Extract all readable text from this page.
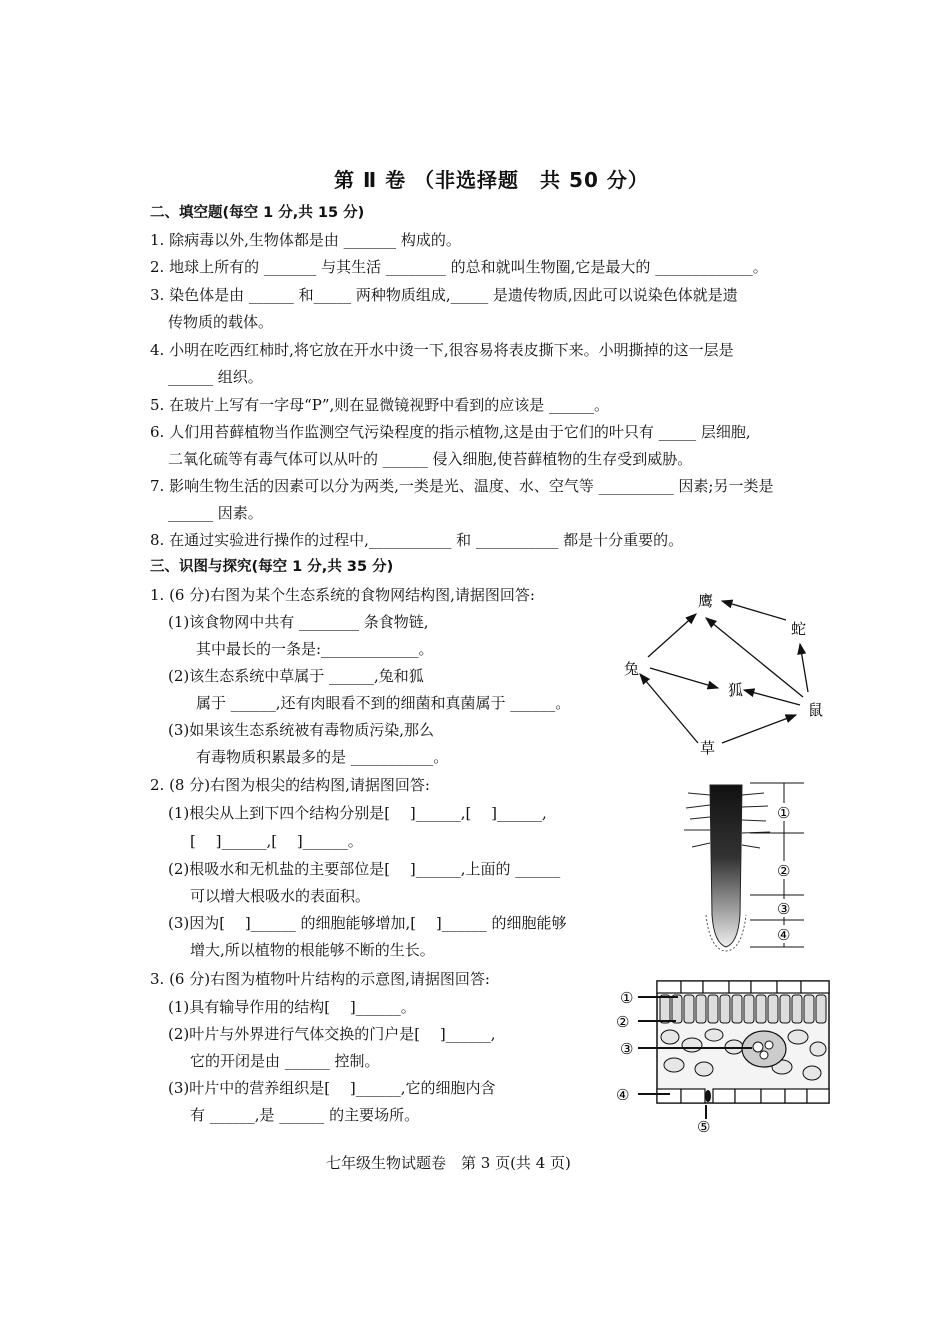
第 Ⅱ 卷 （非选择题　共 50 分）
二、填空题(每空 1 分,共 15 分)
1. 除病毒以外,生物体都是由 _______ 构成的。
2. 地球上所有的 _______ 与其生活 ________ 的总和就叫生物圈,它是最大的 _____________。
3. 染色体是由 ______ 和_____ 两种物质组成,_____ 是遗传物质,因此可以说染色体就是遗
传物质的载体。
4. 小明在吃西红柿时,将它放在开水中烫一下,很容易将表皮撕下来。小明撕掉的这一层是
______ 组织。
5. 在玻片上写有一字母“P”,则在显微镜视野中看到的应该是 ______。
6. 人们用苔藓植物当作监测空气污染程度的指示植物,这是由于它们的叶只有 _____ 层细胞,
二氧化硫等有毒气体可以从叶的 ______ 侵入细胞,使苔藓植物的生存受到威胁。
7. 影响生物生活的因素可以分为两类,一类是光、温度、水、空气等 __________ 因素;另一类是
______ 因素。
8. 在通过实验进行操作的过程中,___________ 和 ___________ 都是十分重要的。
三、识图与探究(每空 1 分,共 35 分)
1. (6 分)右图为某个生态系统的食物网结构图,请据图回答:
(1)该食物网中共有 ________ 条食物链,
其中最长的一条是:_____________。
(2)该生态系统中草属于 ______,兔和狐
属于 ______,还有肉眼看不到的细菌和真菌属于 ______。
(3)如果该生态系统被有毒物质污染,那么
有毒物质积累最多的是 ___________。
2. (8 分)右图为根尖的结构图,请据图回答:
(1)根尖从上到下四个结构分别是[　 ]______,[　 ]______,
[　 ]______,[　 ]______。
(2)根吸水和无机盐的主要部位是[　 ]______,上面的 ______
可以增大根吸水的表面积。
(3)因为[　 ]______ 的细胞能够增加,[　 ]______ 的细胞能够
增大,所以植物的根能够不断的生长。
3. (6 分)右图为植物叶片结构的示意图,请据图回答:
(1)具有输导作用的结构[　 ]______。
(2)叶片与外界进行气体交换的门户是[　 ]______,
它的开闭是由 ______ 控制。
(3)叶片中的营养组织是[　 ]______,它的细胞内含
有 ______,是 ______ 的主要场所。
鹰
蛇
兔
狐
鼠
草
①
②
③
④
①
②
③
④
⑤
七年级生物试题卷　第 3 页(共 4 页)
